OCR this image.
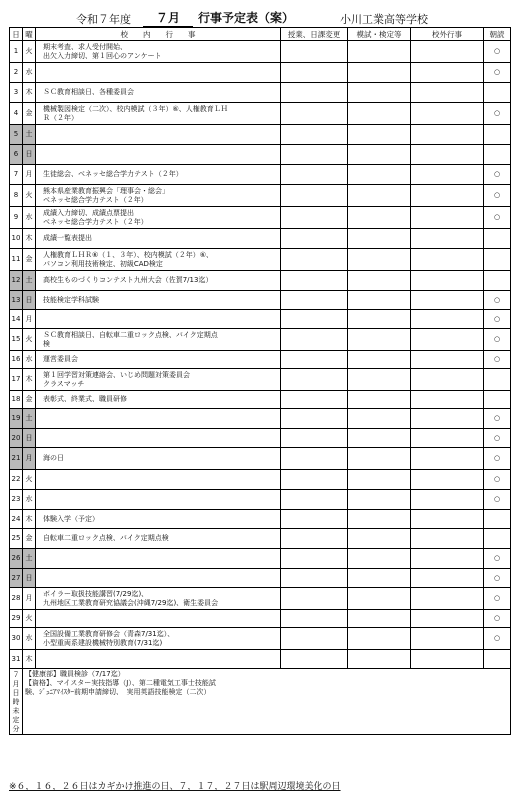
令和７年度	７月	行事予定表（案）	小川工業高等学校
日	曜	校　　内　　行　　事	授業、日課変更	模試・検定等	校外行事	朝読
1	火	期末考査、求人受付開始、
出欠入力締切、第１回心のアンケート				○
2	水					○
3	木	ＳＣ教育相談日、各種委員会				

4	金	機械製図検定（二次）、校内模試（３年）⑥、人権教育ＬＨ
Ｒ（２年）				○
5	土					
6	日					
7	月	生徒総会、ベネッセ総合学力テスト（２年）				○
8	火	熊本県産業教育振興会「理事会・総会」
ベネッセ総合学力テスト（２年）				○
9	水	成績入力締切、成績点票提出
ベネッセ総合学力テスト（２年）				○
10	木	成績一覧表提出				

11	金	人権教育ＬＨＲ⑥（１、３年）、校内模試（２年）⑥、
パソコン利用技術検定、初級CAD検定				

12	土	高校生ものづくりコンテスト九州大会（佐賀7/13迄）				

13	日	技能検定学科試験				○
14	月					○
15	火	ＳＣ教育相談日、自転車二重ロック点検、バイク定期点
検				○
16	水	運営委員会				○
17	木	第１回学習対策連絡会、いじめ問題対策委員会
クラスマッチ				

18	金	表彰式、終業式、職員研修				

19	土					○
20	日					○
21	月	海の日				○
22	火					○
23	水					○
24	木	体験入学（予定）				

25	金	自転車二重ロック点検、バイク定期点検				

26	土					○
27	日					○
28	月	ボイラー取扱技能講習(7/29迄)、
九州地区工業教育研究協議会(沖縄7/29迄)、衛生委員会				○
29	火					○
30	水	全国設備工業教育研修会（青森7/31迄）、
小型重両系建設機械特別教育(7/31迄)				○
31	木					
７月日時未定分	【健康部】職員検診（7/17迄）
【資格】、マイスター実技指導（J）、第二種電気工事士技能試
験、ｼﾞｭﾆｱﾏｲｽﾀｰ前期申請締切、　実用英語技能検定（二次）					
※６，１６，２６日はカギかけ推進の日、７，１７，２７日は駅周辺環境美化の日
